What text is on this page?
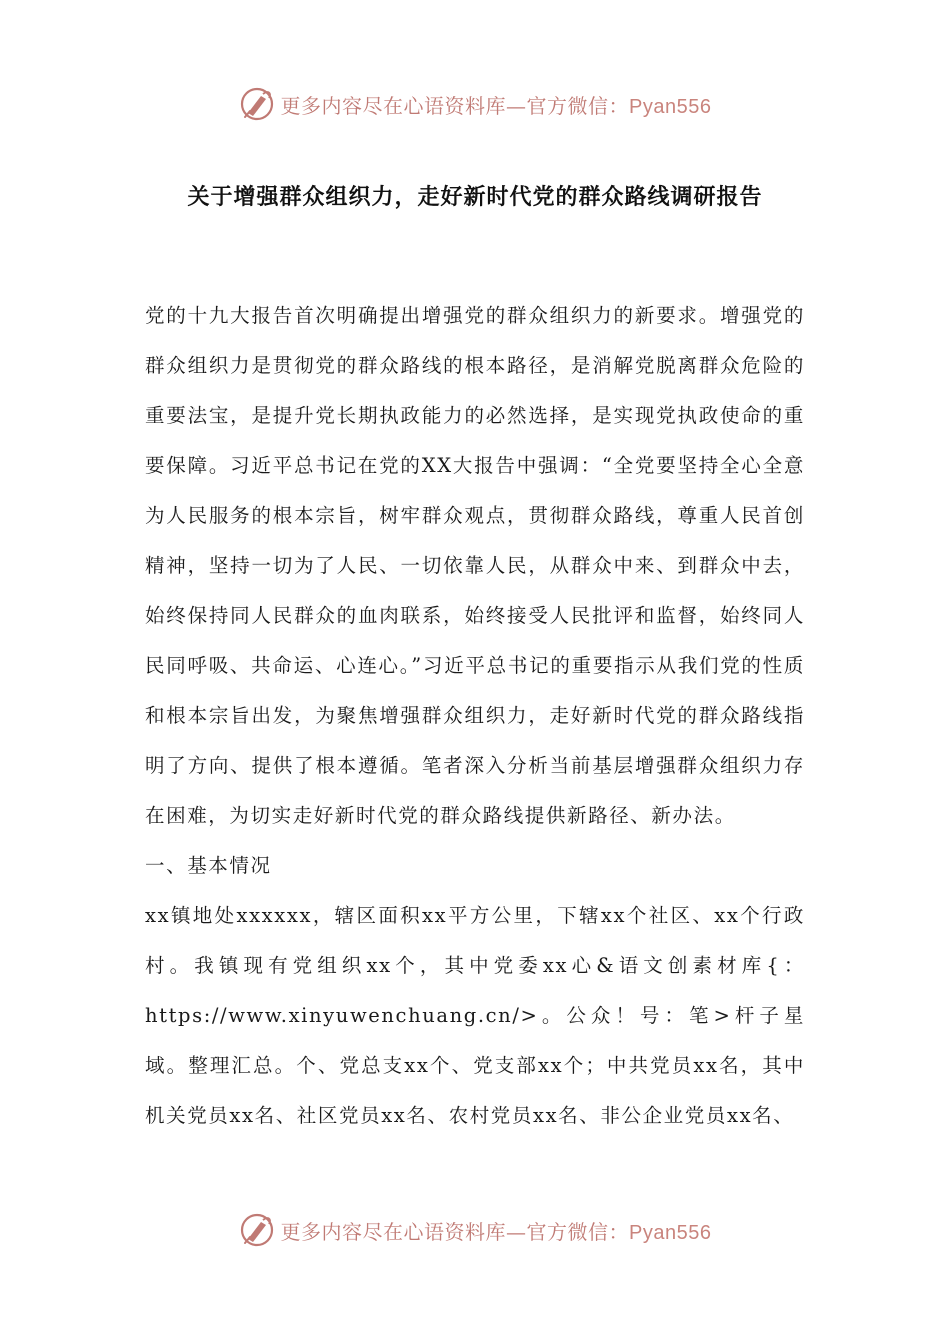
更多内容尽在心语资料库—官方微信：Pyan556
关于增强群众组织力，走好新时代党的群众路线调研报告

党的十九大报告首次明确提出增强党的群众组织力的新要求。增强党的群众组织力是贯彻党的群众路线的根本路径，是消解党脱离群众危险的重要法宝，是提升党长期执政能力的必然选择，是实现党执政使命的重要保障。习近平总书记在党的XX大报告中强调：“全党要坚持全心全意为人民服务的根本宗旨，树牢群众观点，贯彻群众路线，尊重人民首创精神，坚持一切为了人民、一切依靠人民，从群众中来、到群众中去，始终保持同人民群众的血肉联系，始终接受人民批评和监督，始终同人民同呼吸、共命运、心连心。”习近平总书记的重要指示从我们党的性质和根本宗旨出发，为聚焦增强群众组织力，走好新时代党的群众路线指明了方向、提供了根本遵循。笔者深入分析当前基层增强群众组织力存在困难，为切实走好新时代党的群众路线提供新路径、新办法。

一、基本情况

xx镇地处xxxxxx，辖区面积xx平方公里，下辖xx个社区、xx个行政村。我镇现有党组织xx个，其中党委xx心&语文创素材库{：https://www.xinyuwenchuang.cn/>。公众！号：笔>杆子星域。整理汇总。个、党总支xx个、党支部xx个；中共党员xx名，其中机关党员xx名、社区党员xx名、农村党员xx名、非公企业党员xx名、

更多内容尽在心语资料库—官方微信：Pyan556
